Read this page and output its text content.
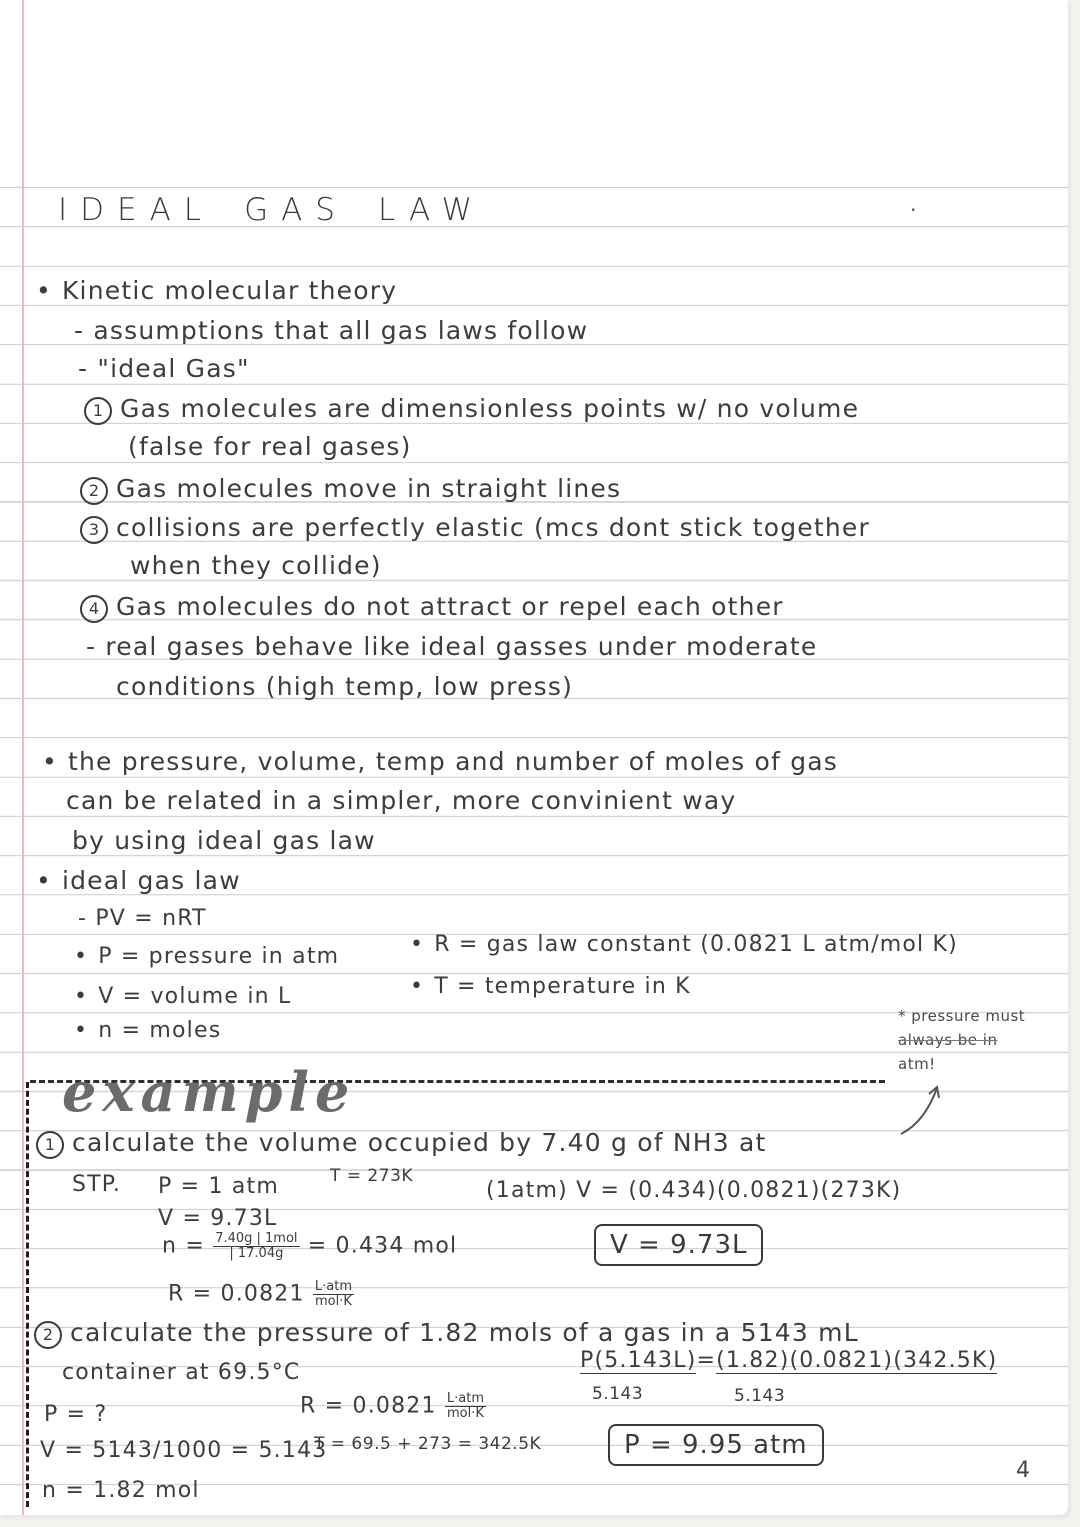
IDEAL GAS LAW	·
• Kinetic molecular theory
- assumptions that all gas laws follow
- "ideal Gas"
1 Gas molecules are dimensionless points w/ no volume
(false for real gases)
2 Gas molecules move in straight lines
3 collisions are perfectly elastic (mcs dont stick together
when they collide)
4 Gas molecules do not attract or repel each other
- real gases behave like ideal gasses under moderate
conditions (high temp, low press)
• the pressure, volume, temp and number of moles of gas
can be related in a simpler, more convinient way
by using ideal gas law
• ideal gas law
- PV = nRT
• P = pressure in atm
• V = volume in L
• n = moles
• R = gas law constant (0.0821 L atm/mol K)
• T = temperature in K
* pressure must
always be in
atm!
example
1 calculate the volume occupied by 7.40 g of NH3 at
STP. P = 1 atm	T = 273K
V = 9.73L
$n = \frac{\text{7.40g | 1mol}}{| 17.04g} = 0.434$ mol
$R = 0.0821 \frac{\text{L·atm}}{\text{mol·K}}$
(1atm) V = (0.434)(0.0821)(273K)
V = 9.73L
2 calculate the pressure of 1.82 mols of a gas in a 5143 mL
container at 69.5°C
P = ?	$R = 0.0821 \frac{\text{L·atm}}{\text{mol·K}}$
P(5.143L)=(1.82)(0.0821)(342.5K)
5.143	5.143
V = 5143/1000 = 5.143
T = 69.5 + 273 = 342.5K	P = 9.95 atm
n = 1.82 mol
4
